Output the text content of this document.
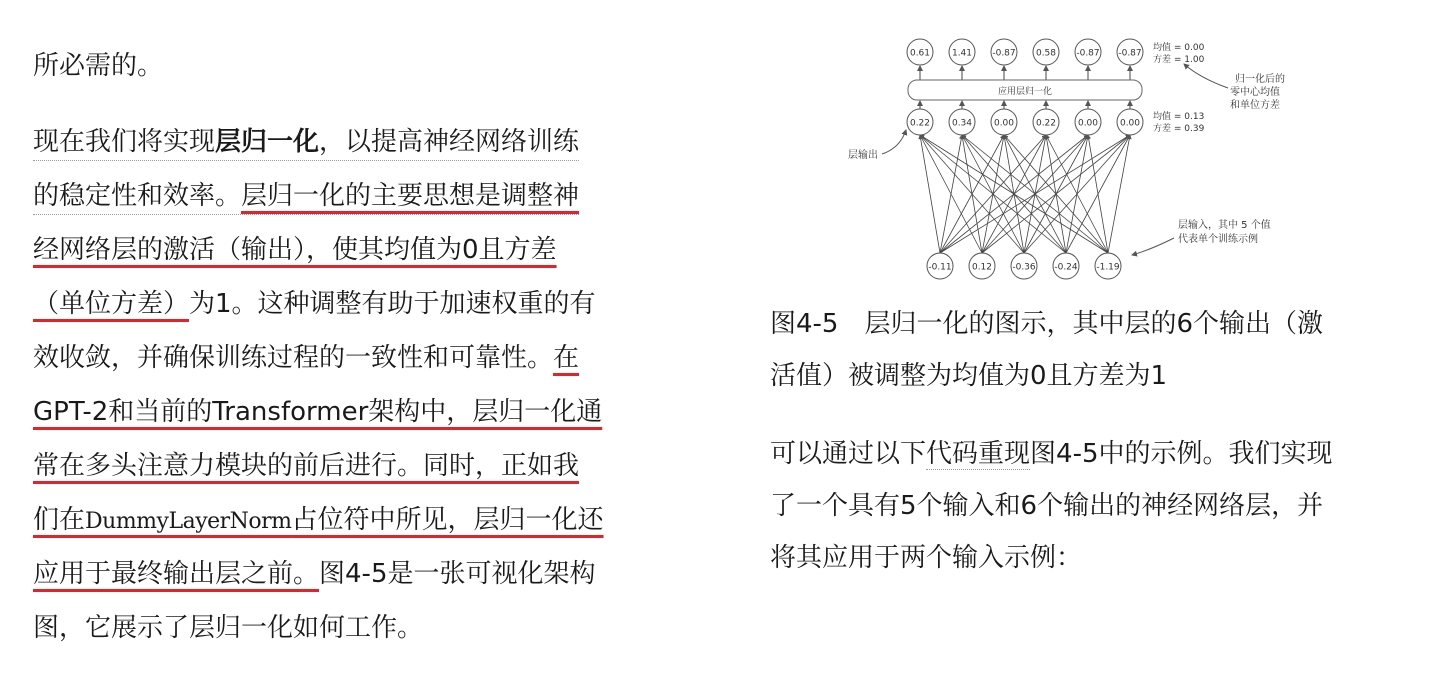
所必需的。
现在我们将实现层归一化，以提高神经网络训练
的稳定性和效率。层归一化的主要思想是调整神
经网络层的激活（输出），使其均值为0且方差
（单位方差）为1。这种调整有助于加速权重的有
效收敛，并确保训练过程的一致性和可靠性。在
GPT-2和当前的Transformer架构中，层归一化通
常在多头注意力模块的前后进行。同时，正如我
们在DummyLayerNorm占位符中所见，层归一化还
应用于最终输出层之前。图4-5是一张可视化架构
图，它展示了层归一化如何工作。
应用层归一化
0.61 1.41 -0.87 0.58 -0.87 -0.87
0.22 0.34 0.00 0.22 0.00 0.00
-0.11 0.12 -0.36 -0.24 -1.19
均值 = 0.00
方差 = 1.00
归一化后的
零中心均值
和单位方差
均值 = 0.13
方差 = 0.39
层输出
层输入，其中 5 个值
代表单个训练示例
图4-5　层归一化的图示，其中层的6个输出（激
活值）被调整为均值为0且方差为1
可以通过以下代码重现图4-5中的示例。我们实现
了一个具有5个输入和6个输出的神经网络层，并
将其应用于两个输入示例：
